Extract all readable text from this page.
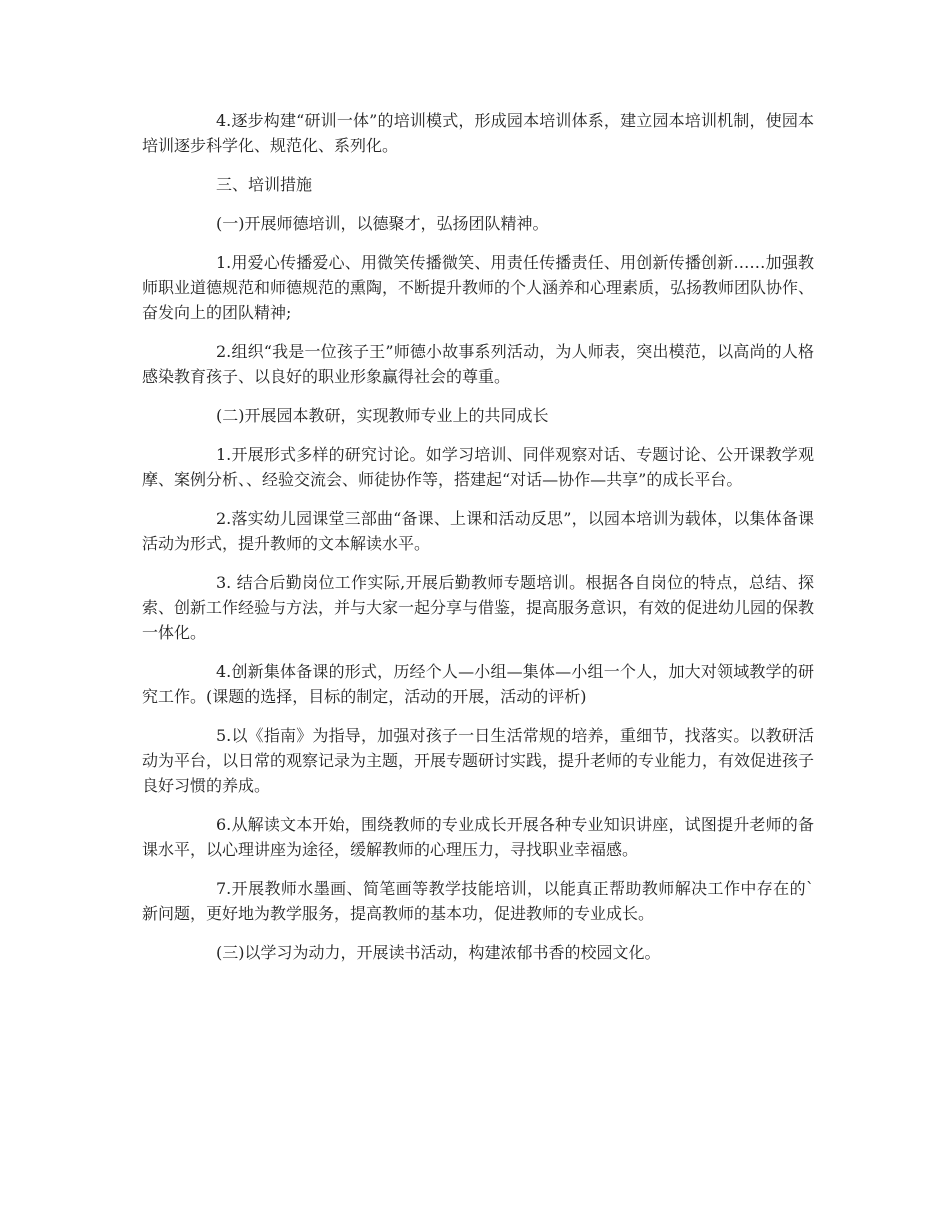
4.逐步构建“研训一体”的培训模式，形成园本培训体系，建立园本培训机制，使园本培训逐步科学化、规范化、系列化。

三、培训措施

(一)开展师德培训，以德聚才，弘扬团队精神。

1.用爱心传播爱心、用微笑传播微笑、用责任传播责任、用创新传播创新……加强教师职业道德规范和师德规范的熏陶，不断提升教师的个人涵养和心理素质，弘扬教师团队协作、奋发向上的团队精神;

2.组织“我是一位孩子王”师德小故事系列活动，为人师表，突出模范，以高尚的人格感染教育孩子、以良好的职业形象赢得社会的尊重。

(二)开展园本教研，实现教师专业上的共同成长

1.开展形式多样的研究讨论。如学习培训、同伴观察对话、专题讨论、公开课教学观摩、案例分析、、经验交流会、师徒协作等，搭建起“对话—协作—共享”的成长平台。

2.落实幼儿园课堂三部曲“备课、上课和活动反思”，以园本培训为载体，以集体备课活动为形式，提升教师的文本解读水平。

3. 结合后勤岗位工作实际,开展后勤教师专题培训。根据各自岗位的特点，总结、探索、创新工作经验与方法，并与大家一起分享与借鉴，提高服务意识，有效的促进幼儿园的保教一体化。

4.创新集体备课的形式，历经个人—小组—集体—小组一个人，加大对领域教学的研究工作。(课题的选择，目标的制定，活动的开展，活动的评析)

5.以《指南》为指导，加强对孩子一日生活常规的培养，重细节，找落实。以教研活动为平台，以日常的观察记录为主题，开展专题研讨实践，提升老师的专业能力，有效促进孩子良好习惯的养成。

6.从解读文本开始，围绕教师的专业成长开展各种专业知识讲座，试图提升老师的备课水平，以心理讲座为途径，缓解教师的心理压力，寻找职业幸福感。

7.开展教师水墨画、简笔画等教学技能培训，以能真正帮助教师解决工作中存在的`新问题，更好地为教学服务，提高教师的基本功，促进教师的专业成长。

(三)以学习为动力，开展读书活动，构建浓郁书香的校园文化。
